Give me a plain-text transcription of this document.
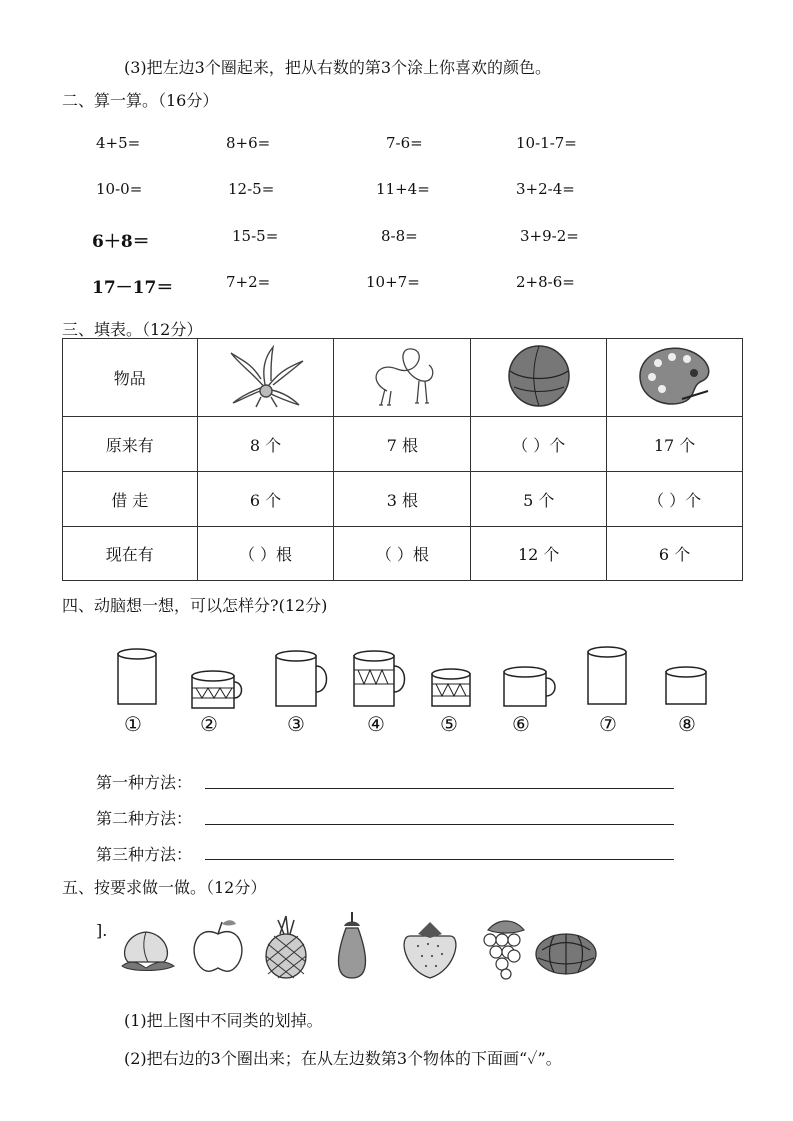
(3)把左边3个圈起来，把从右数的第3个涂上你喜欢的颜色。
二、算一算。（16分）
4+5=	8+6=	7-6=	10-1-7=
10-0=	12-5=	11+4=	3+2-4=
6＋8＝	15-5=	8-8=	3+9-2=
17－17＝	7+2=	10+7=	2+8-6=
三、填表。（12分）
物品				
原来有	8 个	7 根	（ ）个	17 个
借 走	6 个	3 根	5 个	（ ）个
现在有	（ ）根	（ ）根	12 个	6 个
四、动脑想一想，可以怎样分?(12分)
①	②	③	④	⑤	⑥	⑦	⑧
第一种方法：
第二种方法：
第三种方法：
五、按要求做一做。（12分）
].
(1)把上图中不同类的划掉。
(2)把右边的3个圈出来；在从左边数第3个物体的下面画“✓”。
